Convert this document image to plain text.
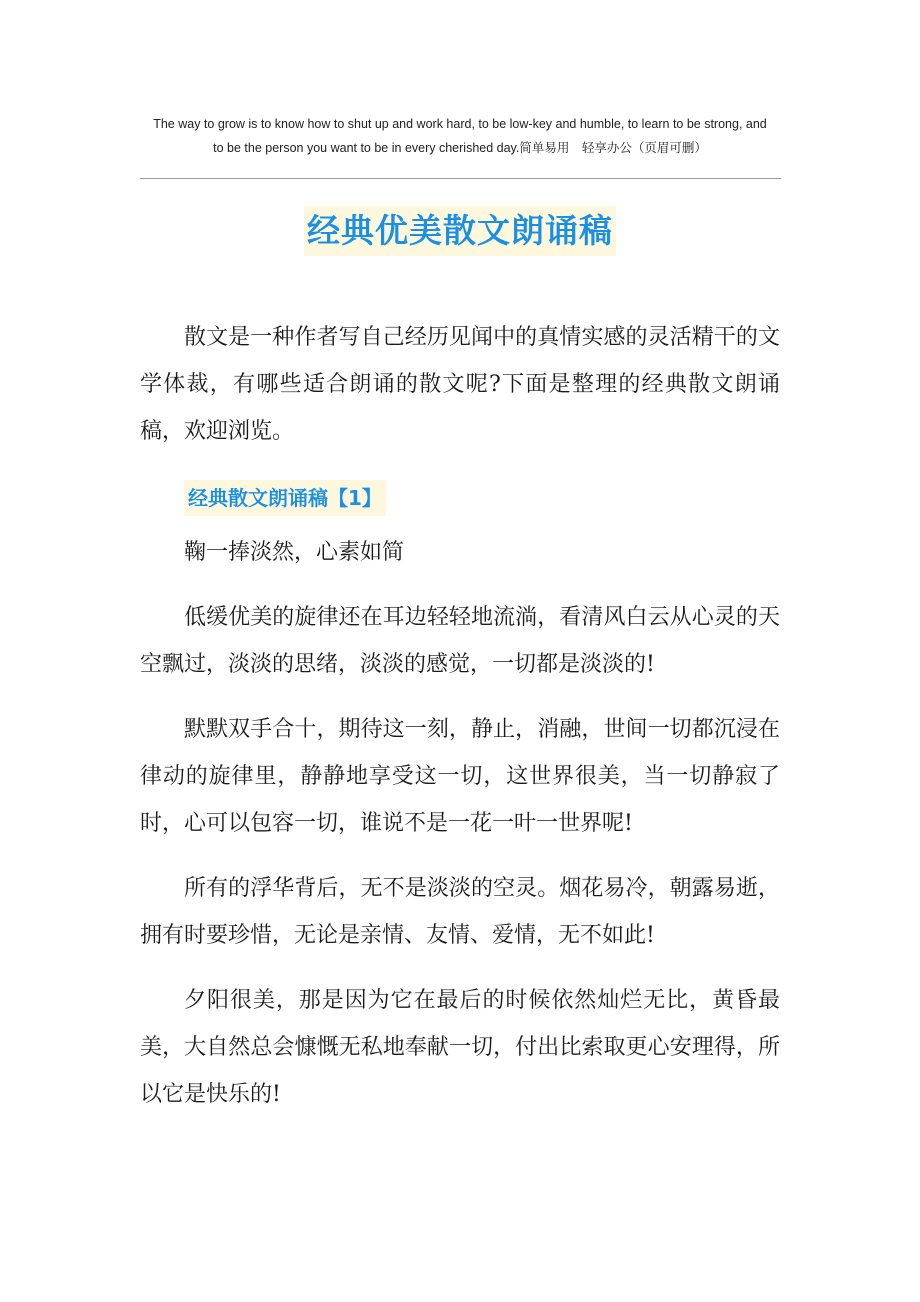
The way to grow is to know how to shut up and work hard, to be low-key and humble, to learn to be strong, and
to be the person you want to be in every cherished day.简单易用　轻享办公（页眉可删）
经典优美散文朗诵稿

散文是一种作者写自己经历见闻中的真情实感的灵活精干的文学体裁，有哪些适合朗诵的散文呢?下面是整理的经典散文朗诵稿，欢迎浏览。

经典散文朗诵稿【1】

鞠一捧淡然，心素如简

低缓优美的旋律还在耳边轻轻地流淌，看清风白云从心灵的天空飘过，淡淡的思绪，淡淡的感觉，一切都是淡淡的!

默默双手合十，期待这一刻，静止，消融，世间一切都沉浸在律动的旋律里，静静地享受这一切，这世界很美，当一切静寂了时，心可以包容一切，谁说不是一花一叶一世界呢!

所有的浮华背后，无不是淡淡的空灵。烟花易冷，朝露易逝，拥有时要珍惜，无论是亲情、友情、爱情，无不如此!

夕阳很美，那是因为它在最后的时候依然灿烂无比，黄昏最美，大自然总会慷慨无私地奉献一切，付出比索取更心安理得，所以它是快乐的!
